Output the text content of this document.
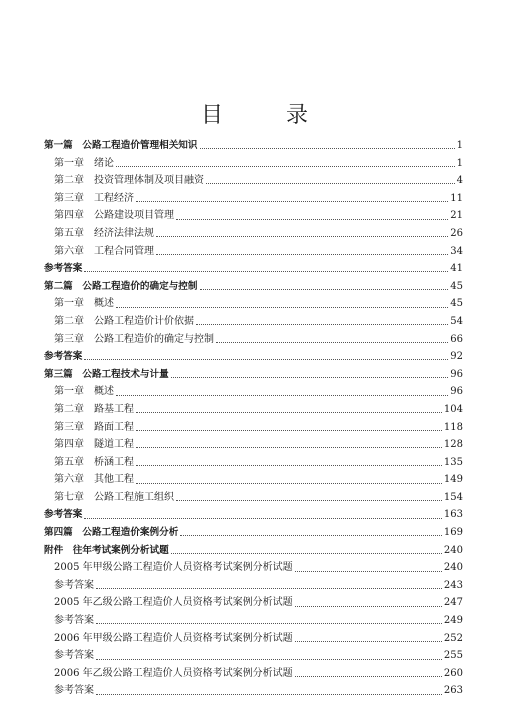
目 录
第一篇　公路工程造价管理相关知识	1
第一章　绪论	1
第二章　投资管理体制及项目融资	4
第三章　工程经济	11
第四章　公路建设项目管理	21
第五章　经济法律法规	26
第六章　工程合同管理	34
参考答案	41
第二篇　公路工程造价的确定与控制	45
第一章　概述	45
第二章　公路工程造价计价依据	54
第三章　公路工程造价的确定与控制	66
参考答案	92
第三篇　公路工程技术与计量	96
第一章　概述	96
第二章　路基工程	104
第三章　路面工程	118
第四章　隧道工程	128
第五章　桥涵工程	135
第六章　其他工程	149
第七章　公路工程施工组织	154
参考答案	163
第四篇　公路工程造价案例分析	169
附件　往年考试案例分析试题	240
2005 年甲级公路工程造价人员资格考试案例分析试题	240
参考答案	243
2005 年乙级公路工程造价人员资格考试案例分析试题	247
参考答案	249
2006 年甲级公路工程造价人员资格考试案例分析试题	252
参考答案	255
2006 年乙级公路工程造价人员资格考试案例分析试题	260
参考答案	263
